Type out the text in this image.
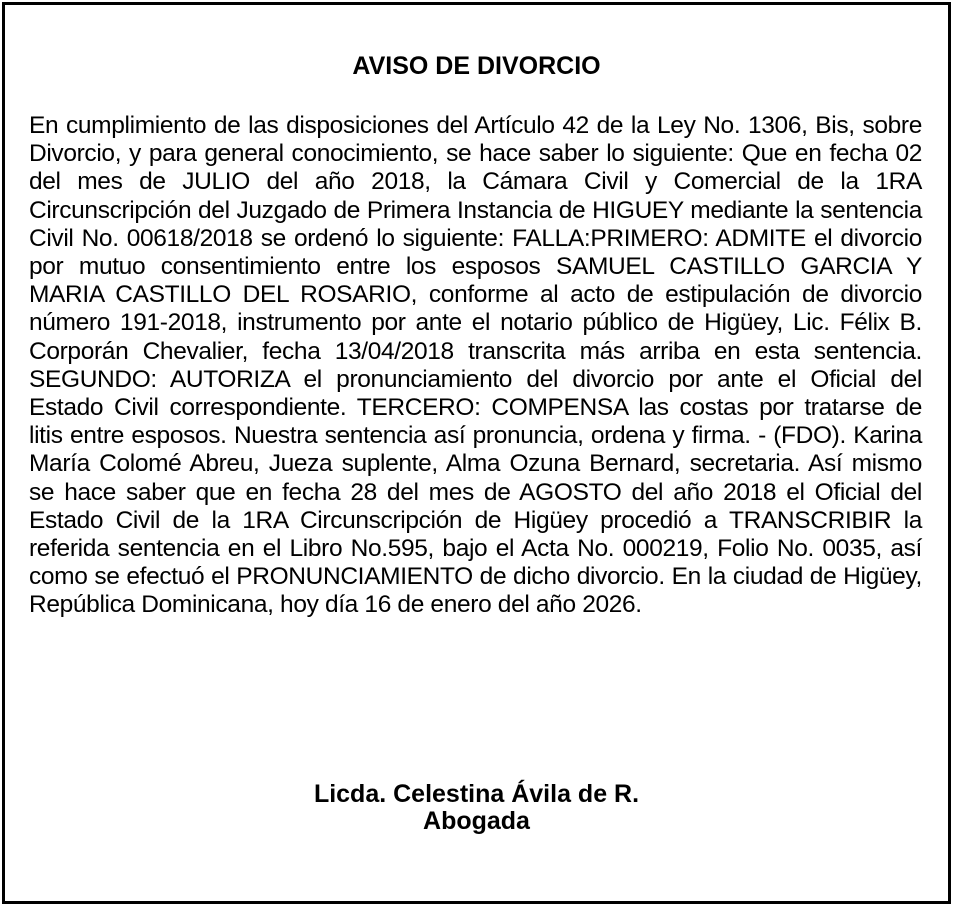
AVISO DE DIVORCIO

En cumplimiento de las disposiciones del Artículo 42 de la Ley No. 1306, Bis, sobre Divorcio, y para general conocimiento, se hace saber lo siguiente: Que en fecha 02 del mes de JULIO del año 2018, la Cámara Civil y Comercial de la 1RA Circunscripción del Juzgado de Primera Instancia de HIGUEY mediante la sentencia Civil No. 00618/2018 se ordenó lo siguiente: FALLA:PRIMERO: ADMITE el divorcio por mutuo consentimiento entre los esposos SAMUEL CASTILLO GARCIA Y MARIA CASTILLO DEL ROSARIO, conforme al acto de estipulación de divorcio número 191-2018, instrumento por ante el notario público de Higüey, Lic. Félix B. Corporán Chevalier, fecha 13/04/2018 transcrita más arriba en esta sentencia. SEGUNDO: AUTORIZA el pronunciamiento del divorcio por ante el Oficial del Estado Civil correspondiente. TERCERO: COMPENSA las costas por tratarse de litis entre esposos. Nuestra sentencia así pronuncia, ordena y firma. - (FDO). Karina María Colomé Abreu, Jueza suplente, Alma Ozuna Bernard, secretaria. Así mismo se hace saber que en fecha 28 del mes de AGOSTO del año 2018 el Oficial del Estado Civil de la 1RA Circunscripción de Higüey procedió a TRANSCRIBIR la referida sentencia en el Libro No.595, bajo el Acta No. 000219, Folio No. 0035, así como se efectuó el PRONUNCIAMIENTO de dicho divorcio. En la ciudad de Higüey, República Dominicana, hoy día 16 de enero del año 2026.

Licda. Celestina Ávila de R.
Abogada
